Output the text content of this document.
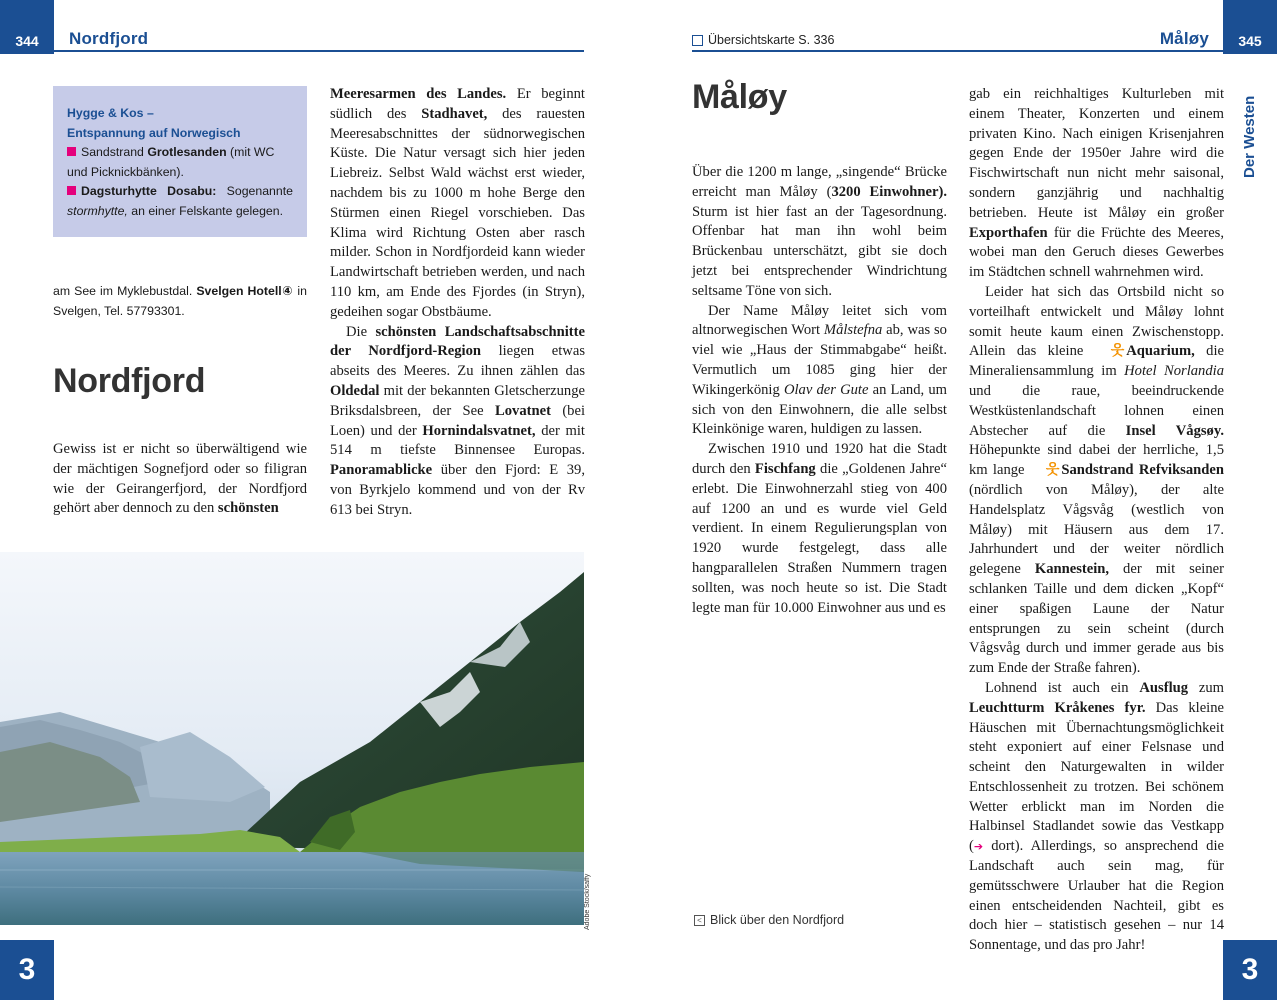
344	Nordfjord
Hygge & Kos –
Entspannung auf Norwegisch
Sandstrand Grotlesanden (mit WC und Picknickbänken).
Dagsturhytte Dosabu: Sogenannte stormhytte, an einer Felskante gelegen.
am See im Myklebustdal. Svelgen Hotell④ in Svelgen, Tel. 57793301.
Nordfjord

Gewiss ist er nicht so überwältigend wie der mächtigen Sognefjord oder so filigran wie der Geirangerfjord, der Nordfjord gehört aber dennoch zu den schönsten

Meeresarmen des Landes. Er beginnt südlich des Stadhavet, des rauesten Meeresabschnittes der südnorwegischen Küste. Die Natur versagt sich hier jeden Liebreiz. Selbst Wald wächst erst wieder, nachdem bis zu 1000 m hohe Berge den Stürmen einen Riegel vorschieben. Das Klima wird Richtung Osten aber rasch milder. Schon in Nordfjordeid kann wieder Landwirtschaft betrieben werden, und nach 110 km, am Ende des Fjordes (in Stryn), gedeihen sogar Obstbäume.

Die schönsten Landschaftsabschnitte der Nordfjord-Region liegen etwas abseits des Meeres. Zu ihnen zählen das Oldedal mit der bekannten Gletscherzunge Briksdalsbreen, der See Lovatnet (bei Loen) und der Hornindalsvatnet, der mit 514 m tiefste Binnensee Europas. Panoramablicke über den Fjord: E 39, von Byrkjelo kommend und von der Rv 613 bei Stryn.

Adobe Stock/saffy
3
Übersichtskarte S. 336	Måløy	345
Der Westen
Måløy

Über die 1200 m lange, „singende“ Brücke erreicht man Måløy (3200 Einwohner). Sturm ist hier fast an der Tagesordnung. Offenbar hat man ihn wohl beim Brückenbau unterschätzt, gibt sie doch jetzt bei entsprechender Windrichtung seltsame Töne von sich.

Der Name Måløy leitet sich vom altnorwegischen Wort Målstefna ab, was so viel wie „Haus der Stimmabgabe“ heißt. Vermutlich um 1085 ging hier der Wikingerkönig Olav der Gute an Land, um sich von den Einwohnern, die alle selbst Kleinkönige waren, huldigen zu lassen.

Zwischen 1910 und 1920 hat die Stadt durch den Fischfang die „Goldenen Jahre“ erlebt. Die Einwohnerzahl stieg von 400 auf 1200 an und es wurde viel Geld verdient. In einem Regulierungsplan von 1920 wurde festgelegt, dass alle hangparallelen Straßen Nummern tragen sollten, was noch heute so ist. Die Stadt legte man für 10.000 Einwohner aus und es

gab ein reichhaltiges Kulturleben mit einem Theater, Konzerten und einem privaten Kino. Nach einigen Krisenjahren gegen Ende der 1950er Jahre wird die Fischwirtschaft nun nicht mehr saisonal, sondern ganzjährig und nachhaltig betrieben. Heute ist Måløy ein großer Exporthafen für die Früchte des Meeres, wobei man den Geruch dieses Gewerbes im Städtchen schnell wahrnehmen wird.

Leider hat sich das Ortsbild nicht so vorteilhaft entwickelt und Måløy lohnt somit heute kaum einen Zwischenstopp. Allein das kleine 웃 Aquarium, die Mineraliensammlung im Hotel Norlandia und die raue, beeindruckende Westküstenlandschaft lohnen einen Abstecher auf die Insel Vågsøy. Höhepunkte sind dabei der herrliche, 1,5 km lange 웃 Sandstrand Refviksanden (nördlich von Måløy), der alte Handelsplatz Vågsvåg (westlich von Måløy) mit Häusern aus dem 17. Jahrhundert und der weiter nördlich gelegene Kannestein, der mit seiner schlanken Taille und dem dicken „Kopf“ einer spaßigen Laune der Natur entsprungen zu sein scheint (durch Vågsvåg durch und immer gerade aus bis zum Ende der Straße fahren).

Lohnend ist auch ein Ausflug zum Leuchtturm Kråkenes fyr. Das kleine Häuschen mit Übernachtungsmöglichkeit steht exponiert auf einer Felsnase und scheint den Naturgewalten in wilder Entschlossenheit zu trotzen. Bei schönem Wetter erblickt man im Norden die Halbinsel Stadlandet sowie das Vestkapp (➔ dort). Allerdings, so ansprechend die Landschaft auch sein mag, für gemütsschwere Urlauber hat die Region einen entscheidenden Nachteil, gibt es doch hier – statistisch gesehen – nur 14 Sonnentage, und das pro Jahr!

< Blick über den Nordfjord
3
